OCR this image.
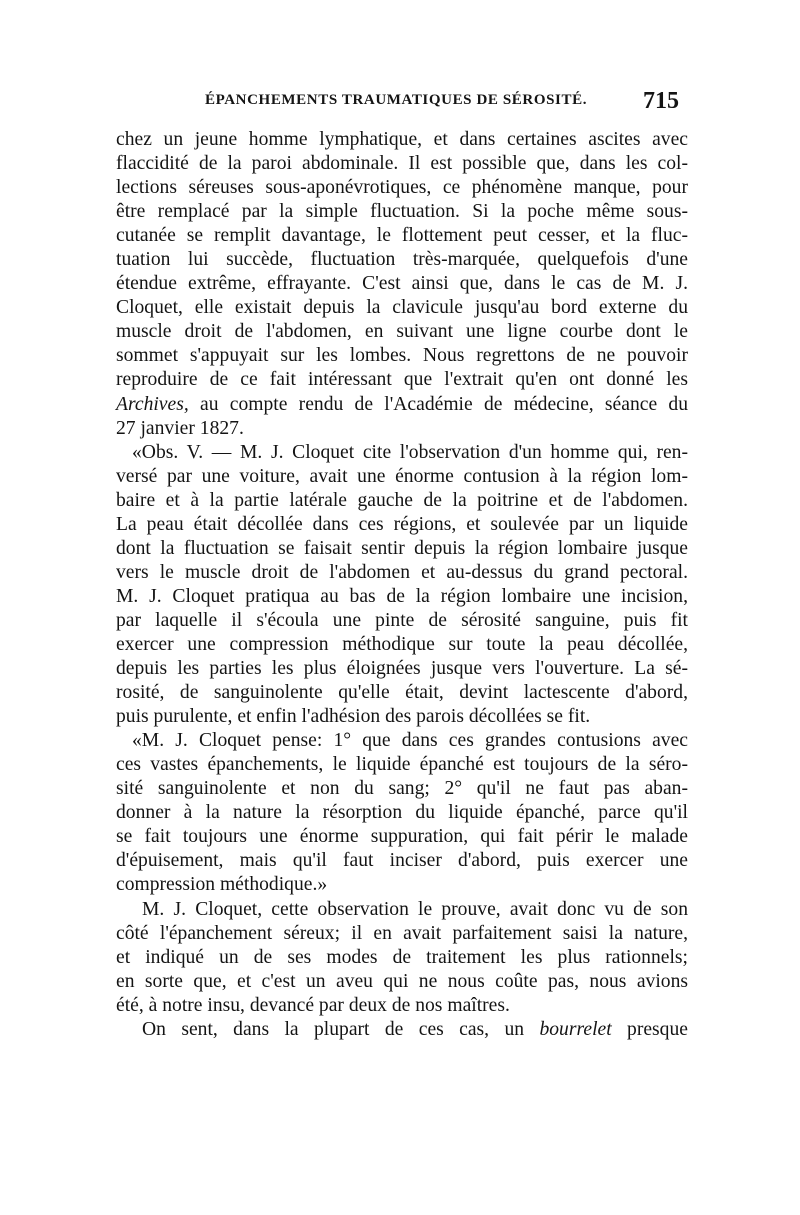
ÉPANCHEMENTS TRAUMATIQUES DE SÉROSITÉ. 715
chez un jeune homme lymphatique, et dans certaines ascites avec
flaccidité de la paroi abdominale. Il est possible que, dans les col-
lections séreuses sous-aponévrotiques, ce phénomène manque, pour
être remplacé par la simple fluctuation. Si la poche même sous-
cutanée se remplit davantage, le flottement peut cesser, et la fluc-
tuation lui succède, fluctuation très-marquée, quelquefois d'une
étendue extrême, effrayante. C'est ainsi que, dans le cas de M. J.
Cloquet, elle existait depuis la clavicule jusqu'au bord externe du
muscle droit de l'abdomen, en suivant une ligne courbe dont le
sommet s'appuyait sur les lombes. Nous regrettons de ne pouvoir
reproduire de ce fait intéressant que l'extrait qu'en ont donné les
Archives, au compte rendu de l'Académie de médecine, séance du
27 janvier 1827.
«Obs. V. — M. J. Cloquet cite l'observation d'un homme qui, ren-
versé par une voiture, avait une énorme contusion à la région lom-
baire et à la partie latérale gauche de la poitrine et de l'abdomen.
La peau était décollée dans ces régions, et soulevée par un liquide
dont la fluctuation se faisait sentir depuis la région lombaire jusque
vers le muscle droit de l'abdomen et au-dessus du grand pectoral.
M. J. Cloquet pratiqua au bas de la région lombaire une incision,
par laquelle il s'écoula une pinte de sérosité sanguine, puis fit
exercer une compression méthodique sur toute la peau décollée,
depuis les parties les plus éloignées jusque vers l'ouverture. La sé-
rosité, de sanguinolente qu'elle était, devint lactescente d'abord,
puis purulente, et enfin l'adhésion des parois décollées se fit.
«M. J. Cloquet pense: 1° que dans ces grandes contusions avec
ces vastes épanchements, le liquide épanché est toujours de la séro-
sité sanguinolente et non du sang; 2° qu'il ne faut pas aban-
donner à la nature la résorption du liquide épanché, parce qu'il
se fait toujours une énorme suppuration, qui fait périr le malade
d'épuisement, mais qu'il faut inciser d'abord, puis exercer une
compression méthodique.»
M. J. Cloquet, cette observation le prouve, avait donc vu de son
côté l'épanchement séreux; il en avait parfaitement saisi la nature,
et indiqué un de ses modes de traitement les plus rationnels;
en sorte que, et c'est un aveu qui ne nous coûte pas, nous avions
été, à notre insu, devancé par deux de nos maîtres.
On sent, dans la plupart de ces cas, un bourrelet presque
